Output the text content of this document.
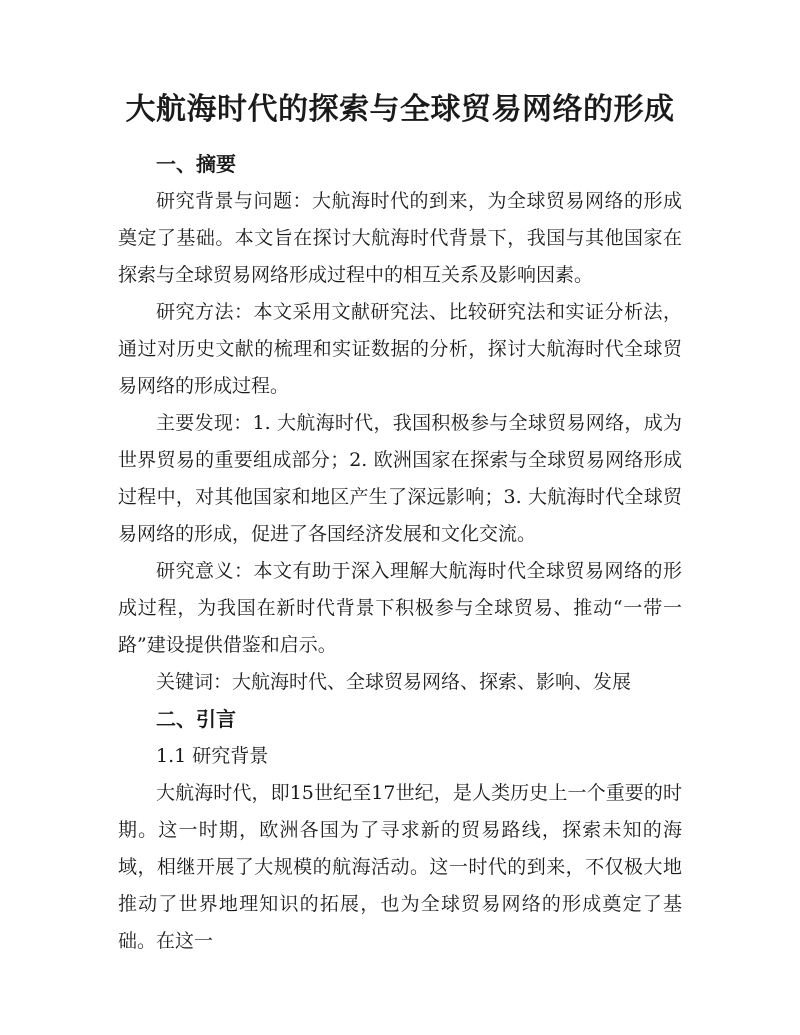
大航海时代的探索与全球贸易网络的形成
一、摘要

研究背景与问题：大航海时代的到来，为全球贸易网络的形成奠定了基础。本文旨在探讨大航海时代背景下，我国与其他国家在探索与全球贸易网络形成过程中的相互关系及影响因素。

研究方法：本文采用文献研究法、比较研究法和实证分析法，通过对历史文献的梳理和实证数据的分析，探讨大航海时代全球贸易网络的形成过程。

主要发现：1. 大航海时代，我国积极参与全球贸易网络，成为世界贸易的重要组成部分；2. 欧洲国家在探索与全球贸易网络形成过程中，对其他国家和地区产生了深远影响；3. 大航海时代全球贸易网络的形成，促进了各国经济发展和文化交流。

研究意义：本文有助于深入理解大航海时代全球贸易网络的形成过程，为我国在新时代背景下积极参与全球贸易、推动“一带一路”建设提供借鉴和启示。

关键词：大航海时代、全球贸易网络、探索、影响、发展

二、引言

1.1 研究背景

大航海时代，即15世纪至17世纪，是人类历史上一个重要的时期。这一时期，欧洲各国为了寻求新的贸易路线，探索未知的海域，相继开展了大规模的航海活动。这一时代的到来，不仅极大地推动了世界地理知识的拓展，也为全球贸易网络的形成奠定了基础。在这一
